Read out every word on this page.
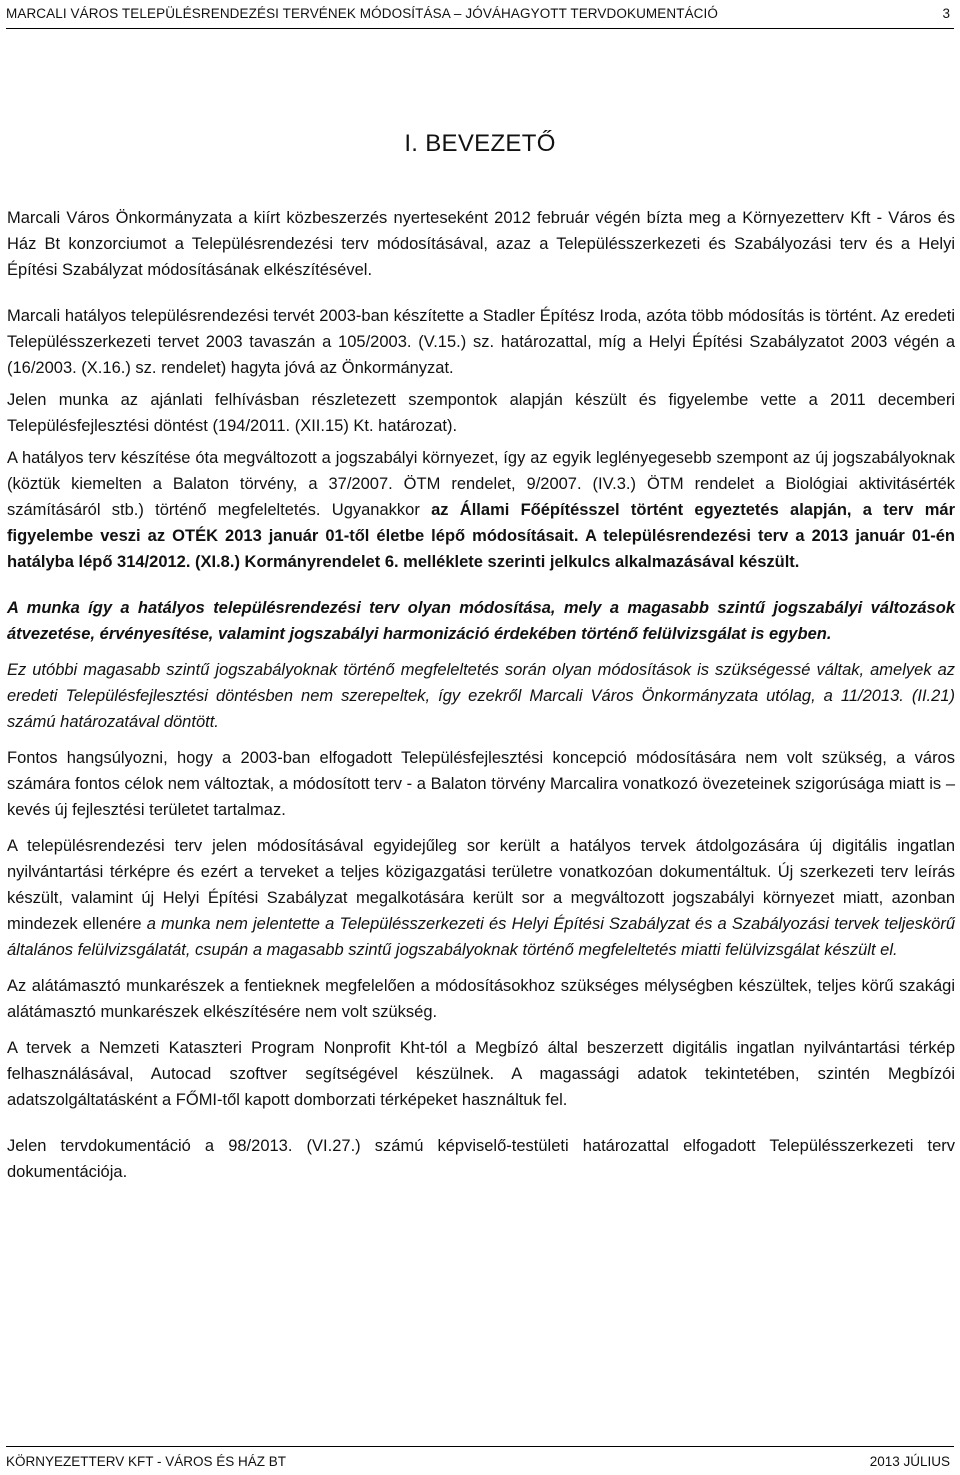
MARCALI VÁROS TELEPÜLÉSRENDEZÉSI TERVÉNEK MÓDOSÍTÁSA – JÓVÁHAGYOTT TERVDOKUMENTÁCIÓ	3
I. BEVEZETŐ

Marcali Város Önkormányzata a kiírt közbeszerzés nyerteseként 2012 február végén bízta meg a Környezetterv Kft - Város és Ház Bt konzorciumot a Településrendezési terv módosításával, azaz a Településszerkezeti és Szabályozási terv és a Helyi Építési Szabályzat módosításának elkészítésével.

Marcali hatályos településrendezési tervét 2003-ban készítette a Stadler Építész Iroda, azóta több módosítás is történt. Az eredeti Településszerkezeti tervet 2003 tavaszán a 105/2003. (V.15.) sz. határozattal, míg a Helyi Építési Szabályzatot 2003 végén a (16/2003. (X.16.) sz. rendelet) hagyta jóvá az Önkormányzat.

Jelen munka az ajánlati felhívásban részletezett szempontok alapján készült és figyelembe vette a 2011 decemberi Településfejlesztési döntést (194/2011. (XII.15) Kt. határozat).

A hatályos terv készítése óta megváltozott a jogszabályi környezet, így az egyik leglényegesebb szempont az új jogszabályoknak (köztük kiemelten a Balaton törvény, a 37/2007. ÖTM rendelet, 9/2007. (IV.3.) ÖTM rendelet a Biológiai aktivitásérték számításáról stb.) történő megfeleltetés. Ugyanakkor az Állami Főépítésszel történt egyeztetés alapján, a terv már figyelembe veszi az OTÉK 2013 január 01-től életbe lépő módosításait. A településrendezési terv a 2013 január 01-én hatályba lépő 314/2012. (XI.8.) Kormányrendelet 6. melléklete szerinti jelkulcs alkalmazásával készült.

A munka így a hatályos településrendezési terv olyan módosítása, mely a magasabb szintű jogszabályi változások átvezetése, érvényesítése, valamint jogszabályi harmonizáció érdekében történő felülvizsgálat is egyben.

Ez utóbbi magasabb szintű jogszabályoknak történő megfeleltetés során olyan módosítások is szükségessé váltak, amelyek az eredeti Településfejlesztési döntésben nem szerepeltek, így ezekről Marcali Város Önkormányzata utólag, a 11/2013. (II.21) számú határozatával döntött.

Fontos hangsúlyozni, hogy a 2003-ban elfogadott Településfejlesztési koncepció módosítására nem volt szükség, a város számára fontos célok nem változtak, a módosított terv - a Balaton törvény Marcalira vonatkozó övezeteinek szigorúsága miatt is – kevés új fejlesztési területet tartalmaz.

A településrendezési terv jelen módosításával egyidejűleg sor került a hatályos tervek átdolgozására új digitális ingatlan nyilvántartási térképre és ezért a terveket a teljes közigazgatási területre vonatkozóan dokumentáltuk. Új szerkezeti terv leírás készült, valamint új Helyi Építési Szabályzat megalkotására került sor a megváltozott jogszabályi környezet miatt, azonban mindezek ellenére a munka nem jelentette a Településszerkezeti és Helyi Építési Szabályzat és a Szabályozási tervek teljeskörű általános felülvizsgálatát, csupán a magasabb szintű jogszabályoknak történő megfeleltetés miatti felülvizsgálat készült el.

Az alátámasztó munkarészek a fentieknek megfelelően a módosításokhoz szükséges mélységben készültek, teljes körű szakági alátámasztó munkarészek elkészítésére nem volt szükség.

A tervek a Nemzeti Kataszteri Program Nonprofit Kht-tól a Megbízó által beszerzett digitális ingatlan nyilvántartási térkép felhasználásával, Autocad szoftver segítségével készülnek. A magassági adatok tekintetében, szintén Megbízói adatszolgáltatásként a FŐMI-től kapott domborzati térképeket használtuk fel.

Jelen tervdokumentáció a 98/2013. (VI.27.) számú képviselő-testületi határozattal elfogadott Településszerkezeti terv dokumentációja.

KÖRNYEZETTERV KFT - VÁROS ÉS HÁZ BT	2013 JÚLIUS
